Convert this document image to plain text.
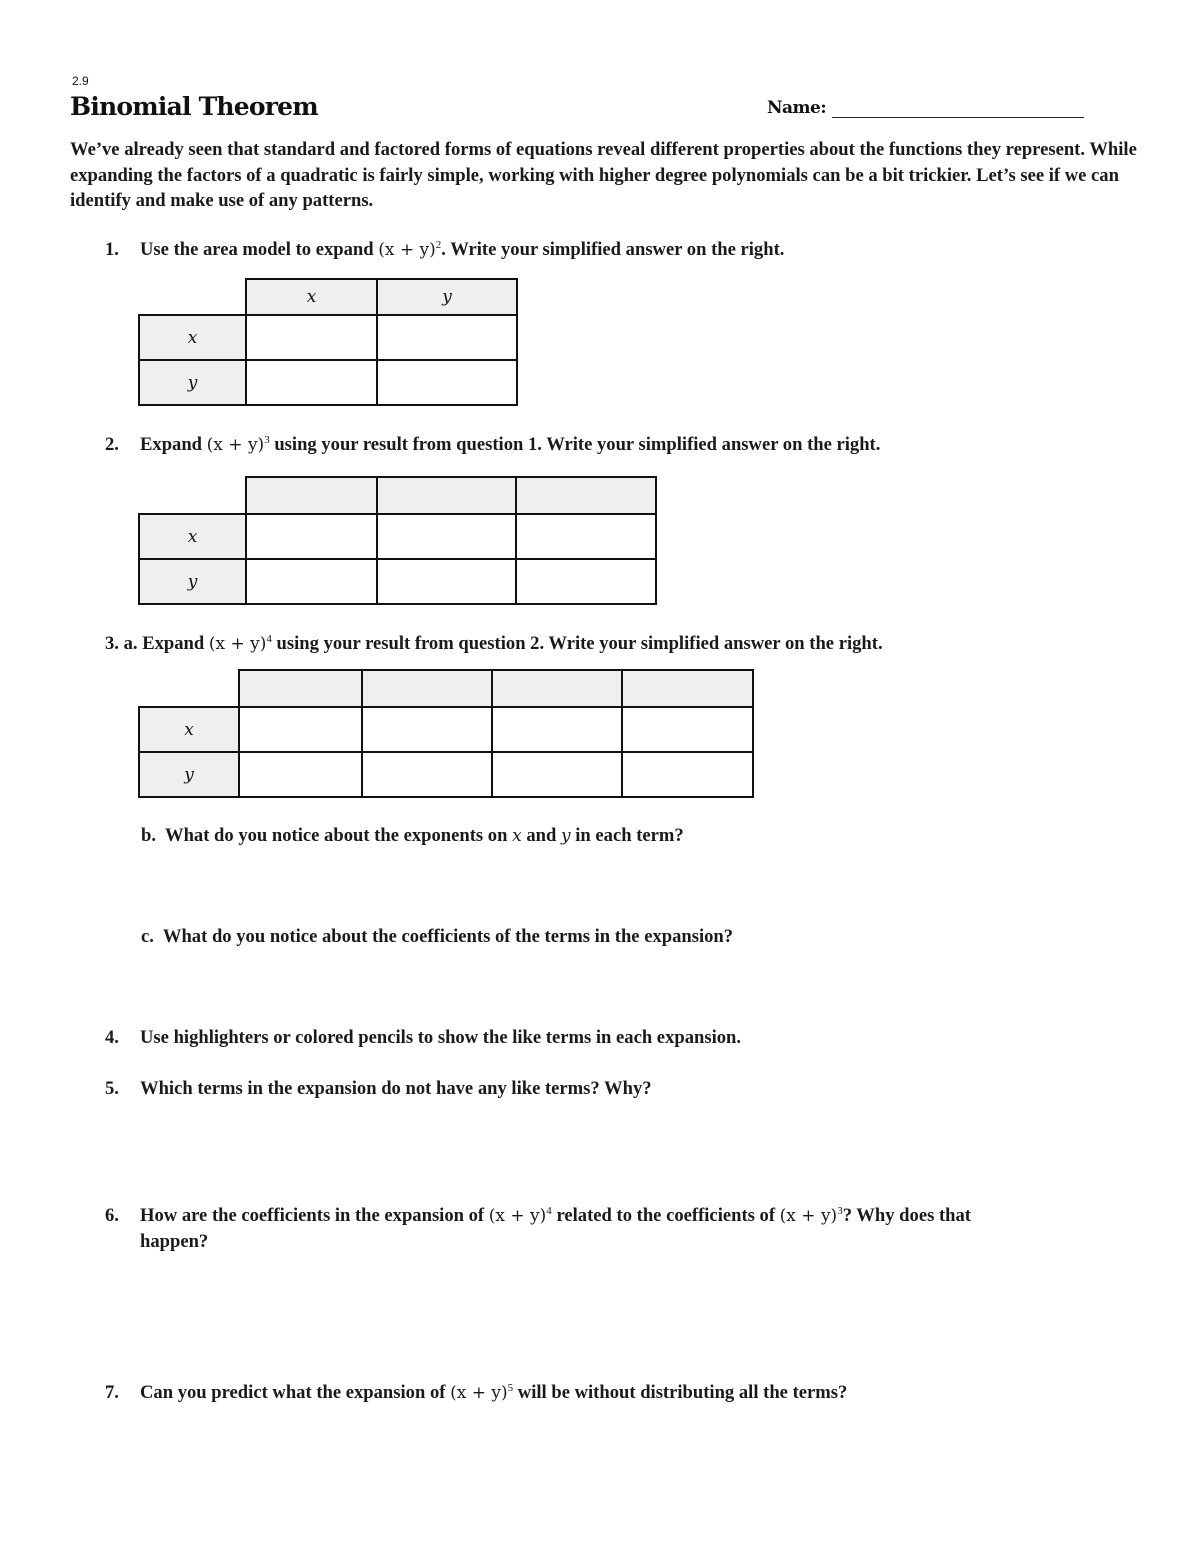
2.9
Binomial Theorem	Name:
We’ve already seen that standard and factored forms of equations reveal different properties about the functions they represent. While expanding the factors of a quadratic is fairly simple, working with higher degree polynomials can be a bit trickier. Let’s see if we can identify and make use of any patterns.
1. Use the area model to expand $(x + y)^2$. Write your simplified answer on the right.
	x	y
x		
y		
2. Expand $(x + y)^3$ using your result from question 1. Write your simplified answer on the right.

x			
y			
3. a. Expand $(x + y)^4$ using your result from question 2. Write your simplified answer on the right.

x				
y				
b. What do you notice about the exponents on x and y in each term?
c. What do you notice about the coefficients of the terms in the expansion?
4. Use highlighters or colored pencils to show the like terms in each expansion.
5. Which terms in the expansion do not have any like terms? Why?
6. How are the coefficients in the expansion of $(x + y)^4$ related to the coefficients of $(x + y)^3$? Why does that
happen?
7. Can you predict what the expansion of $(x + y)^5$ will be without distributing all the terms?
